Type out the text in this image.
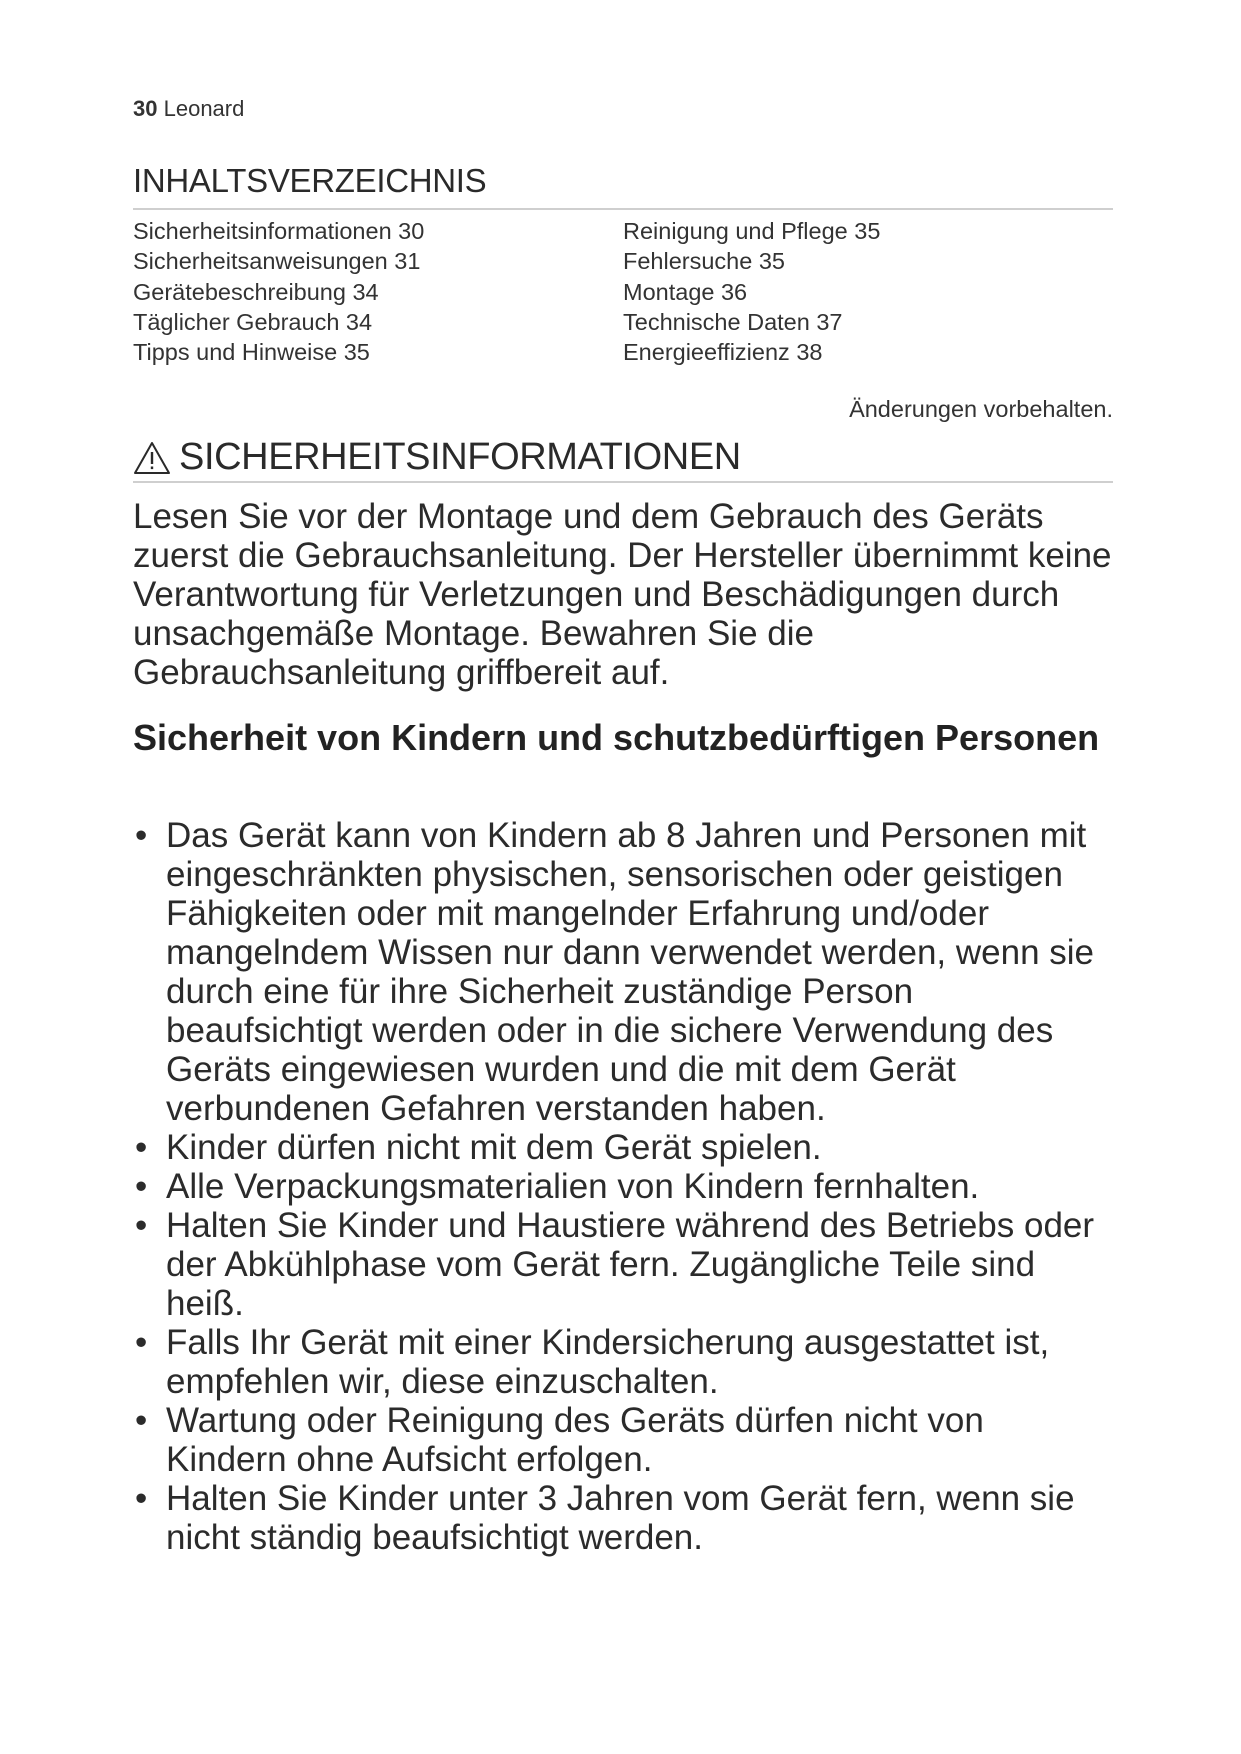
30 Leonard
INHALTSVERZEICHNIS
Sicherheitsinformationen 30
Sicherheitsanweisungen 31
Gerätebeschreibung 34
Täglicher Gebrauch 34
Tipps und Hinweise 35
Reinigung und Pflege 35
Fehlersuche 35
Montage 36
Technische Daten 37
Energieeffizienz 38
Änderungen vorbehalten.
SICHERHEITSINFORMATIONEN
Lesen Sie vor der Montage und dem Gebrauch des Geräts zuerst die Gebrauchsanleitung. Der Hersteller übernimmt keine Verantwortung für Verletzungen und Beschädigungen durch unsachgemäße Montage. Bewahren Sie die Gebrauchsanleitung griffbereit auf.
Sicherheit von Kindern und schutzbedürftigen Personen
• Das Gerät kann von Kindern ab 8 Jahren und Personen mit eingeschränkten physischen, sensorischen oder geistigen Fähigkeiten oder mit mangelnder Erfahrung und/oder mangelndem Wissen nur dann verwendet werden, wenn sie durch eine für ihre Sicherheit zuständige Person beaufsichtigt werden oder in die sichere Verwendung des Geräts eingewiesen wurden und die mit dem Gerät verbundenen Gefahren verstanden haben.
• Kinder dürfen nicht mit dem Gerät spielen.
• Alle Verpackungsmaterialien von Kindern fernhalten.
• Halten Sie Kinder und Haustiere während des Betriebs oder der Abkühlphase vom Gerät fern. Zugängliche Teile sind heiß.
• Falls Ihr Gerät mit einer Kindersicherung ausgestattet ist, empfehlen wir, diese einzuschalten.
• Wartung oder Reinigung des Geräts dürfen nicht von Kindern ohne Aufsicht erfolgen.
• Halten Sie Kinder unter 3 Jahren vom Gerät fern, wenn sie nicht ständig beaufsichtigt werden.
